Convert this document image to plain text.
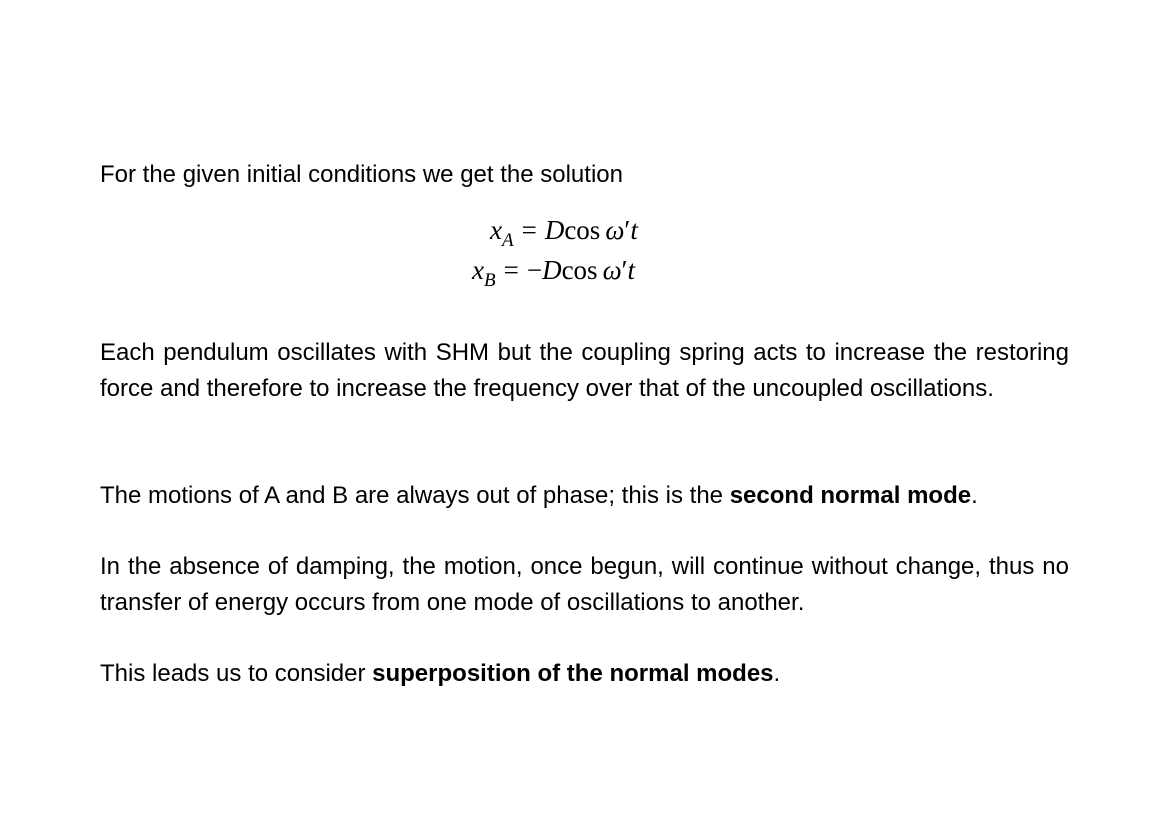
For the given initial conditions we get the solution

$x_A = Dcos$ ω′t
$x_B = -Dcos$ ω′t

Each pendulum oscillates with SHM but the coupling spring acts to increase the restoring force and therefore to increase the frequency over that of the uncoupled oscillations.

The motions of A and B are always out of phase; this is the second normal mode.

In the absence of damping, the motion, once begun, will continue without change, thus no transfer of energy occurs from one mode of oscillations to another.

This leads us to consider superposition of the normal modes.
